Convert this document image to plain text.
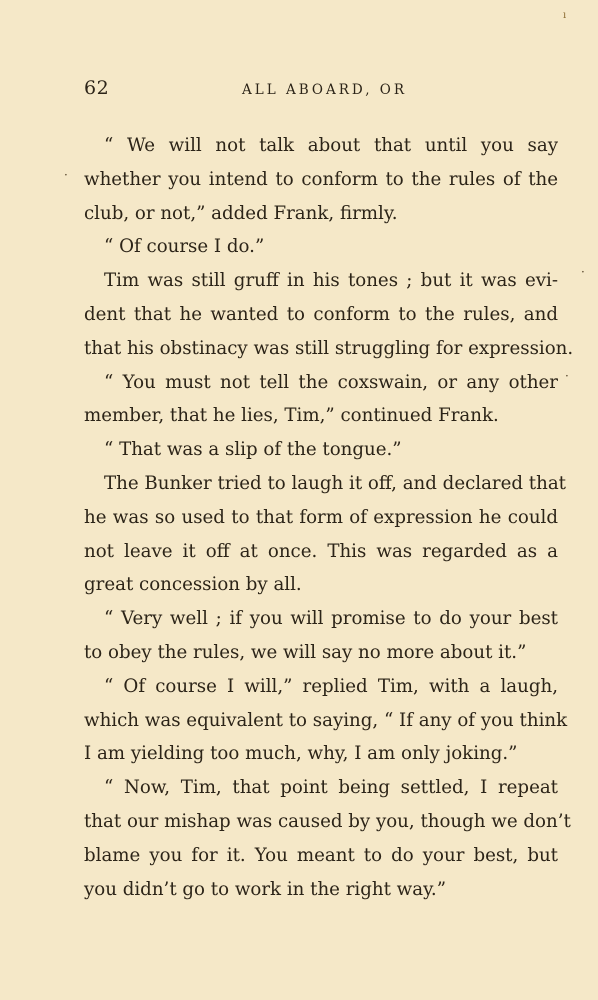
ı
·
·
·
62	ALL ABOARD, OR
“ We will not talk about that until you say
whether you intend to conform to the rules of the
club, or not,” added Frank, firmly.
“ Of course I do.”
Tim was still gruff in his tones ; but it was evi-
dent that he wanted to conform to the rules, and
that his obstinacy was still struggling for expression.
“ You must not tell the coxswain, or any other
member, that he lies, Tim,” continued Frank.
“ That was a slip of the tongue.”
The Bunker tried to laugh it off, and declared that
he was so used to that form of expression he could
not leave it off at once. This was regarded as a
great concession by all.
“ Very well ; if you will promise to do your best
to obey the rules, we will say no more about it.”
“ Of course I will,” replied Tim, with a laugh,
which was equivalent to saying, “ If any of you think
I am yielding too much, why, I am only joking.”
“ Now, Tim, that point being settled, I repeat
that our mishap was caused by you, though we don’t
blame you for it. You meant to do your best, but
you didn’t go to work in the right way.”
